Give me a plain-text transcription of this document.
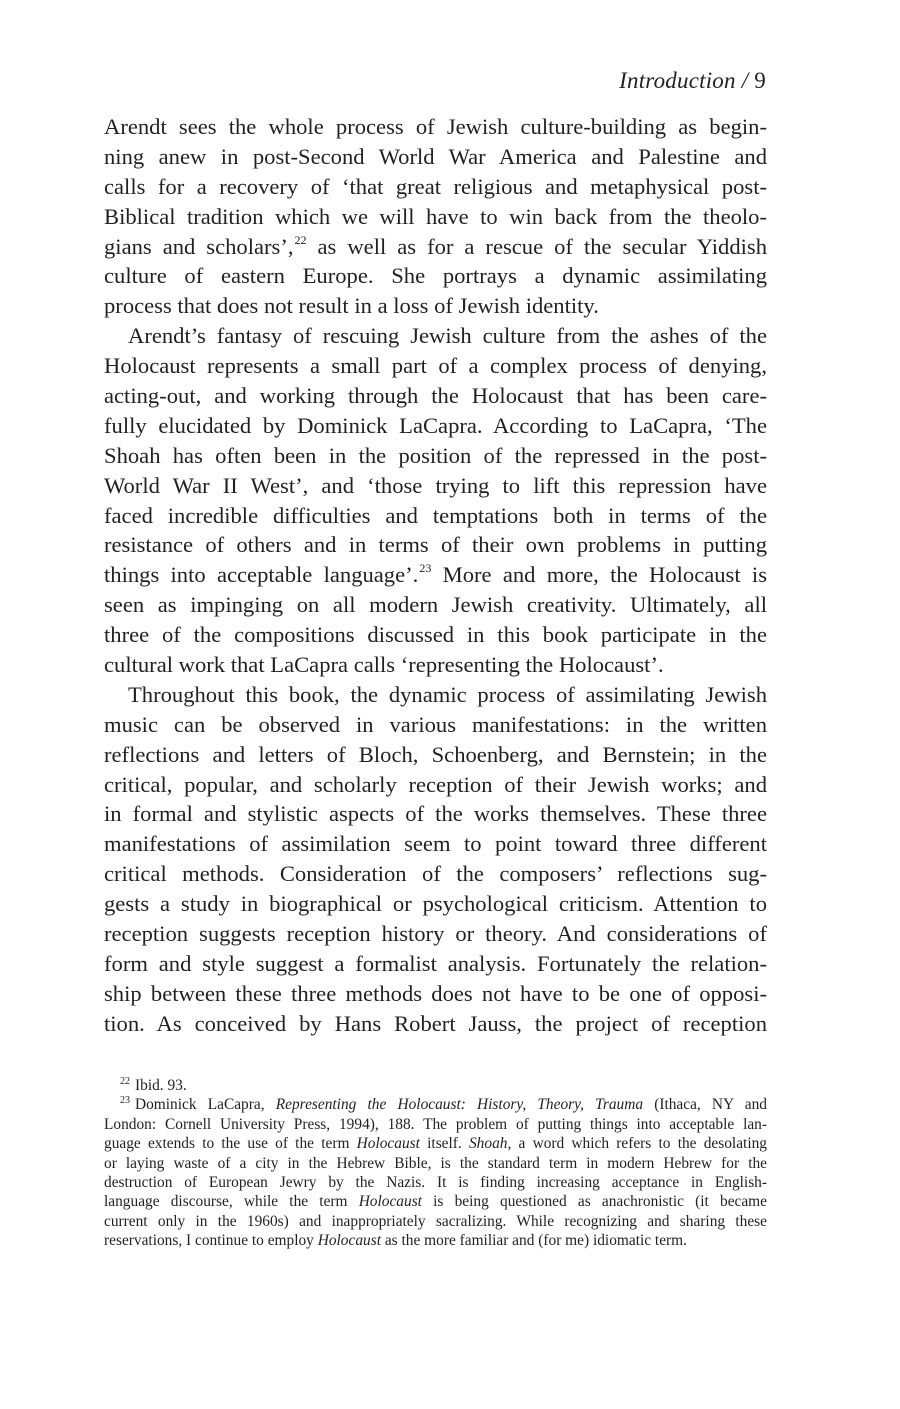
Introduction / 9
Arendt sees the whole process of Jewish culture-building as begin-
ning anew in post-Second World War America and Palestine and
calls for a recovery of ‘that great religious and metaphysical post-
Biblical tradition which we will have to win back from the theolo-
gians and scholars’,$^{22}$ as well as for a rescue of the secular Yiddish
culture of eastern Europe. She portrays a dynamic assimilating
process that does not result in a loss of Jewish identity.
Arendt’s fantasy of rescuing Jewish culture from the ashes of the
Holocaust represents a small part of a complex process of denying,
acting-out, and working through the Holocaust that has been care-
fully elucidated by Dominick LaCapra. According to LaCapra, ‘The
Shoah has often been in the position of the repressed in the post-
World War II West’, and ‘those trying to lift this repression have
faced incredible difficulties and temptations both in terms of the
resistance of others and in terms of their own problems in putting
things into acceptable language’.$^{23}$ More and more, the Holocaust is
seen as impinging on all modern Jewish creativity. Ultimately, all
three of the compositions discussed in this book participate in the
cultural work that LaCapra calls ‘representing the Holocaust’.
Throughout this book, the dynamic process of assimilating Jewish
music can be observed in various manifestations: in the written
reflections and letters of Bloch, Schoenberg, and Bernstein; in the
critical, popular, and scholarly reception of their Jewish works; and
in formal and stylistic aspects of the works themselves. These three
manifestations of assimilation seem to point toward three different
critical methods. Consideration of the composers’ reflections sug-
gests a study in biographical or psychological criticism. Attention to
reception suggests reception history or theory. And considerations of
form and style suggest a formalist analysis. Fortunately the relation-
ship between these three methods does not have to be one of opposi-
tion. As conceived by Hans Robert Jauss, the project of reception
$^{22}$ Ibid. 93.
$^{23}$ Dominick LaCapra, Representing the Holocaust: History, Theory, Trauma (Ithaca, NY and
London: Cornell University Press, 1994), 188. The problem of putting things into acceptable lan-
guage extends to the use of the term Holocaust itself. Shoah, a word which refers to the desolating
or laying waste of a city in the Hebrew Bible, is the standard term in modern Hebrew for the
destruction of European Jewry by the Nazis. It is finding increasing acceptance in English-
language discourse, while the term Holocaust is being questioned as anachronistic (it became
current only in the 1960s) and inappropriately sacralizing. While recognizing and sharing these
reservations, I continue to employ Holocaust as the more familiar and (for me) idiomatic term.
